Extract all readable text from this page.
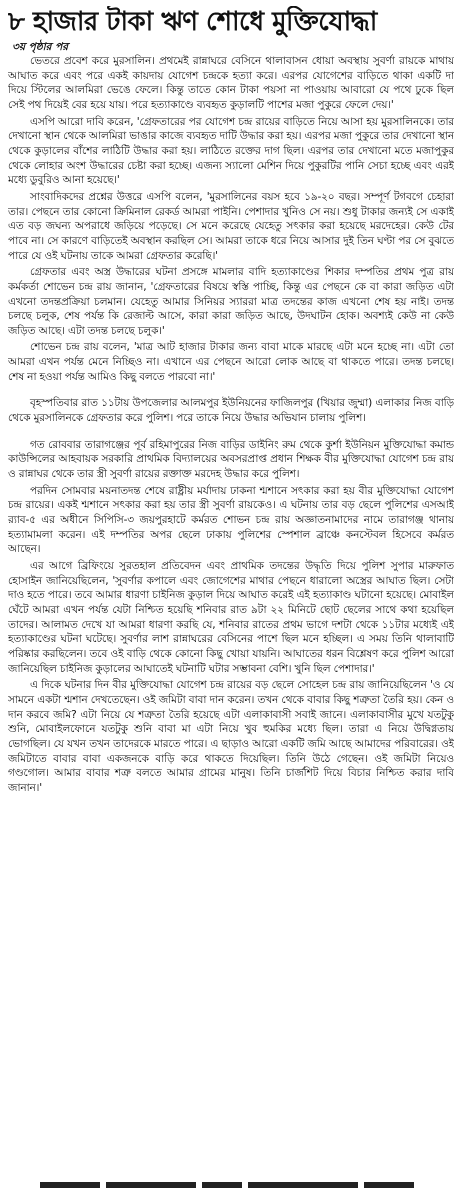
৮ হাজার টাকা ঋণ শোধে মুক্তিযোদ্ধা
৩য় পৃষ্ঠার পর

ভেতরে প্রবেশ করে মুরসালিন। প্রথমেই রান্নাঘরে বেসিনে থালাবাসন ধোয়া অবস্থায় সুবর্ণা রায়কে মাথায় আঘাত করে এবং পরে একই কায়দায় যোগেশ চন্দ্রকে হত্যা করে। এরপর যোগেশের বাড়িতে থাকা একটি দা দিয়ে স্টিলের আলমিরা ভেঙে ফেলে। কিন্তু তাতে কোন টাকা পয়সা না পাওয়ায় আবারো যে পথে ঢুকে ছিল সেই পথ দিয়েই বের হয়ে যায়। পরে হত্যাকাণ্ডে ব্যবহৃত কুড়ালটি পাশের মজা পুকুরে ফেলে দেয়।'

এসপি আরো দাবি করেন, 'গ্রেফতারের পর যোগেশ চন্দ্র রায়ের বাড়িতে নিয়ে আসা হয় মুরসালিনকে। তার দেখানো স্থান থেকে আলমিরা ভাঙার কাজে ব্যবহৃত দাটি উদ্ধার করা হয়। এরপর মজা পুকুরে তার দেখানো স্থান থেকে কুড়ালের বাঁশের লাঠিটি উদ্ধার করা হয়। লাঠিতে রক্তের দাগ ছিল। এরপর তার দেখানো মতে মজাপুকুর থেকে লোহার অংশ উদ্ধারের চেষ্টা করা হচ্ছে। এজন্য স্যালো মেশিন দিয়ে পুকুরটির পানি সেচা হচ্ছে এবং এরই মধ্যে ডুবুরিও আনা হয়েছে।'

সাংবাদিকদের প্রশ্নের উত্তরে এসপি বলেন, 'মুরসালিনের বয়স হবে ১৯-২০ বছর। সম্পূর্ণ টগবগে চেহারা তার। পেছনে তার কোনো ক্রিমিনাল রেকর্ড আমরা পাইনি। পেশাদার খুনিও সে নয়। শুধু টাকার জন্যই সে একাই এত বড় জঘন্য অপরাধে জড়িয়ে পড়েছে। সে মনে করেছে যেহেতু সৎকার করা হয়েছে মরদেহের। কেউ টের পাবে না। সে কারণে বাড়িতেই অবস্থান করছিল সে। আমরা তাকে ধরে নিয়ে আসার দুই তিন ঘণ্টা পর সে বুঝতে পারে যে ওই ঘটনায় তাকে আমরা গ্রেফতার করেছি।'

গ্রেফতার এবং অস্ত্র উদ্ধারের ঘটনা প্রসঙ্গে মামলার বাদি হত্যাকাণ্ডের শিকার দম্পতির প্রথম পুত্র রায় কর্মকর্তা শোভেন চন্দ্র রায় জানান, 'গ্রেফতারের বিষয়ে স্বস্তি পাচ্ছি, কিন্তু এর পেছনে কে বা কারা জড়িত এটা এখনো তদন্তপ্রক্রিয়া চলমান। যেহেতু আমার সিনিয়র স্যাররা মাত্র তদন্তের কাজ এখনো শেষ হয় নাই। তদন্ত চলছে চলুক, শেষ পর্যন্ত কি রেজাল্ট আসে, কারা কারা জড়িত আছে, উদঘাটন হোক। অবশ্যই কেউ না কেউ জড়িত আছে। এটা তদন্ত চলছে চলুক।'

শোভেন চন্দ্র রায় বলেন, 'মাত্র আট হাজার টাকার জন্য বাবা মাকে মারছে এটা মনে হচ্ছে না। এটা তো আমরা এখন পর্যন্ত মেনে নিচ্ছিও না। এখানে এর পেছনে আরো লোক আছে বা থাকতে পারে। তদন্ত চলছে। শেষ না হওয়া পর্যন্ত আমিও কিছু বলতে পারবো না।'

বৃহস্পতিবার রাত ১১টায় উপজেলার আলমপুর ইউনিয়নের ফাজিলপুর (খিয়ার জুম্মা) এলাকার নিজ বাড়ি থেকে মুরসালিনকে গ্রেফতার করে পুলিশ। পরে তাকে নিয়ে উদ্ধার অভিযান চালায় পুলিশ।

গত রোববার তারাগঞ্জের পূর্ব রহিমাপুরের নিজ বাড়ির ডাইনিং রুম থেকে কুর্শা ইউনিয়ন মুক্তিযোদ্ধা কমান্ড কাউন্সিলের আহবায়ক সরকারি প্রাথমিক বিদ্যালয়ের অবসরপ্রাপ্ত প্রধান শিক্ষক বীর মুক্তিযোদ্ধা যোগেশ চন্দ্র রায় ও রান্নাঘর থেকে তার স্ত্রী সুবর্ণা রায়ের রক্তাক্ত মরদেহ উদ্ধার করে পুলিশ।

পরদিন সোমবার ময়নাতদন্ত শেষে রাষ্ট্রীয় মর্যাদায় ঢাকনা শ্মশানে সৎকার করা হয় বীর মুক্তিযোদ্ধা যোগেশ চন্দ্র রায়ের। একই শ্মশানে সৎকার করা হয় তার স্ত্রী সুবর্ণা রায়কেও। এ ঘটনায় তার বড় ছেলে পুলিশের এসআই র‍্যাব-৫ এর অধীনে সিপিসি-৩ জয়পুরহাটে কর্মরত শোভন চন্দ্র রায় অজ্ঞাতনামাদের নামে তারাগঞ্জ থানায় হত্যামামলা করেন। এই দম্পতির অপর ছেলে ঢাকায় পুলিশের স্পেশাল ব্রাঞ্চে কনস্টেবল হিসেবে কর্মরত আছেন।

এর আগে ব্রিফিংয়ে সুরতহাল প্রতিবেদন এবং প্রাথমিক তদন্তের উদ্ধৃতি দিয়ে পুলিশ সুপার মারুফাত হোসাইন জানিয়েছিলেন, 'সুবর্ণার কপালে এবং জোগেশের মাথার পেছনে ধারালো অস্ত্রের আঘাত ছিল। সেটা দাও হতে পারে। তবে আমার ধারণা চাইনিজ কুড়াল দিয়ে আঘাত করেই এই হত্যাকাণ্ড ঘটানো হয়েছে। মোবাইল ঘেঁটে আমরা এখন পর্যন্ত যেটা নিশ্চিত হয়েছি শনিবার রাত ৯টা ২২ মিনিটে ছোট ছেলের সাথে কথা হয়েছিল তাদের। আলামত দেখে যা আমরা ধারণা করছি যে, শনিবার রাতের প্রথম ভাগে দশটা থেকে ১১টার মধ্যেই এই হত্যাকাণ্ডের ঘটনা ঘটেছে। সুবর্ণার লাশ রান্নাঘরের বেসিনের পাশে ছিল মনে হচ্ছিল। এ সময় তিনি থালাবাটি পরিষ্কার করছিলেন। তবে ওই বাড়ি থেকে কোনো কিছু খোয়া যায়নি। আঘাতের ধরন বিশ্লেষণ করে পুলিশ আরো জানিয়েছিল চাইনিজ কুড়ালের আঘাতেই ঘটনাটি ঘটার সম্ভাবনা বেশি। খুনি ছিল পেশাদার।'

এ দিকে ঘটনার দিন বীর মুক্তিযোদ্ধা যোগেশ চন্দ্র রায়ের বড় ছেলে সোহেল চন্দ্র রায় জানিয়েছিলেন 'ও যে সামনে একটা শ্মশান দেখতেছেন। ওই জমিটা বাবা দান করেন। তখন থেকে বাবার কিছু শত্রুতা তৈরি হয়। কেন ও দান করবে জমি? এটা নিয়ে যে শত্রুতা তৈরি হয়েছে এটা এলাকাবাসী সবাই জানে। এলাকাবাসীর মুখে যতটুকু শুনি, মোবাইলফোনে যতটুকু শুনি বাবা মা এটা নিয়ে খুব হুমকির মধ্যে ছিল। তারা এ নিয়ে উদ্বিগ্নতায় ভোগছিল। যে যখন তখন তাদেরকে মারতে পারে। এ ছাড়াও আরো একটি জমি আছে আমাদের পরিবারের। ওই জমিটাতে বাবার বাবা একজনকে বাড়ি করে থাকতে দিয়েছিল। তিনি উঠে গেছেন। ওই জমিটা নিয়েও গণ্ডগোল। আমার বাবার শত্রু বলতে আমার গ্রামের মানুষ। তিনি চার্জশিট দিয়ে বিচার নিশ্চিত করার দাবি জানান।'
